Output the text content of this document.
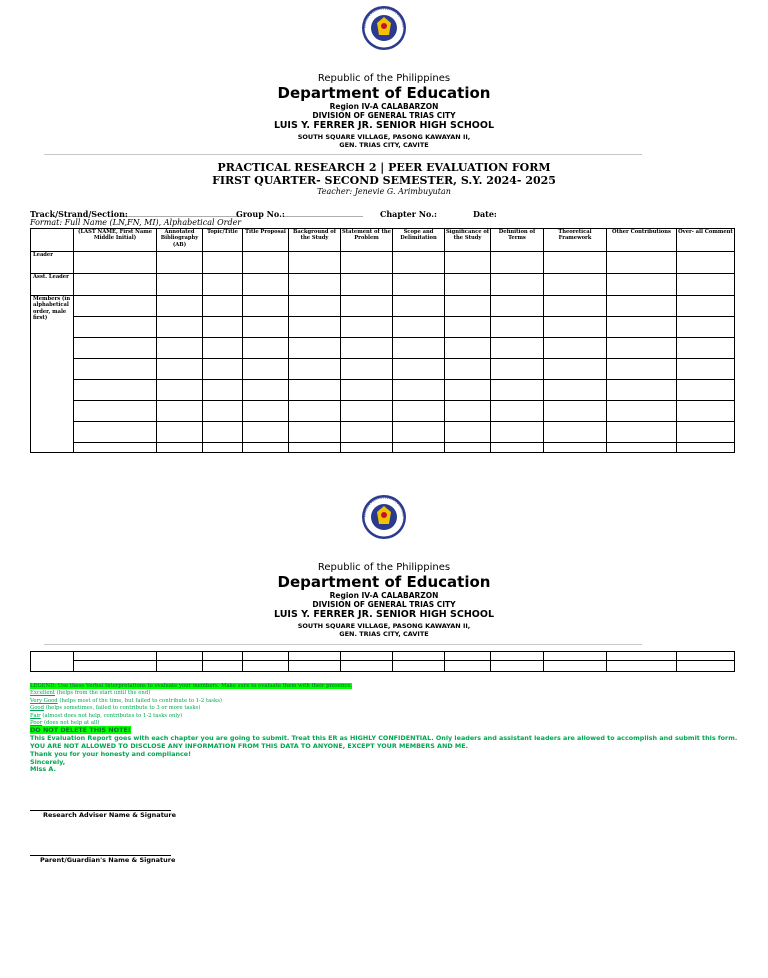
Republic of the Philippines
Department of Education
Region IV-A CALABARZON
DIVISION OF GENERAL TRIAS CITY
LUIS Y. FERRER JR. SENIOR HIGH SCHOOL
SOUTH SQUARE VILLAGE, PASONG KAWAYAN II,
GEN. TRIAS CITY, CAVITE
PRACTICAL RESEARCH 2 | PEER EVALUATION FORM
FIRST QUARTER- SECOND SEMESTER, S.Y. 2024- 2025
Teacher: Jenevie G. Arimbuyutan
Track/Strand/Section:
______________________________
Group No.:
____________________ Chapter No.:	Date:
Format: Full Name (LN,FN, MI), Alphabetical Order
	(LAST NAME, First Name Middle Initial)	Annotated Bibliography (AB)	Topic/Title	Title Proposal	Background of the Study	Statement of the Problem	Scope and Delimitation	Significance of the Study	Definition of Terms	Theoretical Framework	Other Contributions	Over- all Comment
Leader												
Asst. Leader												
Members (in alphabetical order, male first)												

Republic of the Philippines
Department of Education
Region IV-A CALABARZON
DIVISION OF GENERAL TRIAS CITY
LUIS Y. FERRER JR. SENIOR HIGH SCHOOL
SOUTH SQUARE VILLAGE, PASONG KAWAYAN II,
GEN. TRIAS CITY, CAVITE

LEGEND: Use these Verbal Interpretations to evaluate your members. Make sure to evaluate them with their presence.
Excellent (helps from the start until the end)
Very Good (helps most of the time, but failed to contribute to 1-2 tasks)
Good (helps sometimes, failed to contribute to 3 or more tasks)
Fair (almost does not help, contributes to 1-2 tasks only)
Poor (does not help at all)
DO NOT DELETE THIS NOTE!
This Evaluation Report goes with each chapter you are going to submit. Treat this ER as HIGHLY CONFIDENTIAL. Only leaders and assistant leaders are allowed to accomplish and submit this form. YOU ARE NOT ALLOWED TO DISCLOSE ANY INFORMATION FROM THIS DATA TO ANYONE, EXCEPT YOUR MEMBERS AND ME.
Thank you for your honesty and compliance!
Sincerely,
Miss A.
Research Adviser Name & Signature
Parent/Guardian's Name & Signature
